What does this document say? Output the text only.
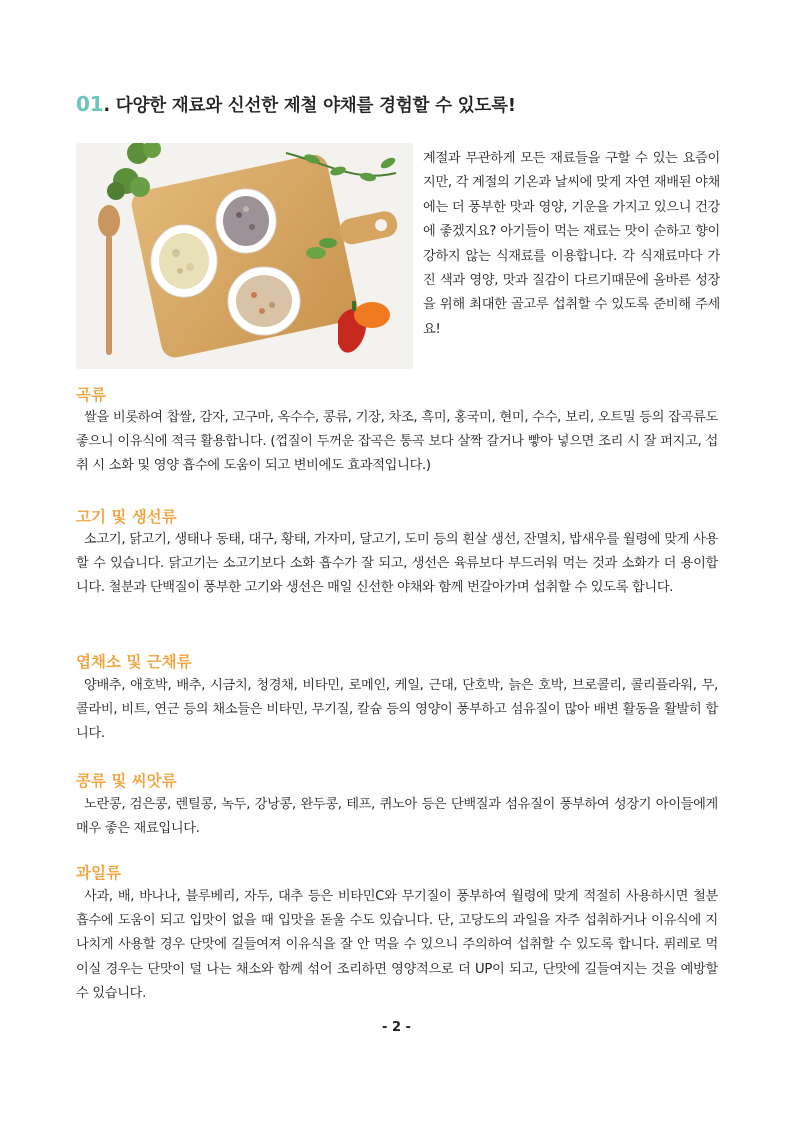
01. 다양한 재료와 신선한 제철 야채를 경험할 수 있도록!

계절과 무관하게 모든 재료들을 구할 수 있는 요즘이지만, 각 계절의 기온과 날씨에 맞게 자연 재배된 야채에는 더 풍부한 맛과 영양, 기운을 가지고 있으니 건강에 좋겠지요? 아기들이 먹는 재료는 맛이 순하고 향이 강하지 않는 식재료를 이용합니다. 각 식재료마다 가진 색과 영양, 맛과 질감이 다르기때문에 올바른 성장을 위해 최대한 골고루 섭취할 수 있도록 준비해 주세요!

곡류

쌀을 비롯하여 찹쌀, 감자, 고구마, 옥수수, 콩류, 기장, 차조, 흑미, 홍국미, 현미, 수수, 보리, 오트밀 등의 잡곡류도 좋으니 이유식에 적극 활용합니다. (껍질이 두꺼운 잡곡은 통곡 보다 살짝 갈거나 빻아 넣으면 조리 시 잘 퍼지고, 섭취 시 소화 및 영양 흡수에 도움이 되고 변비에도 효과적입니다.)

고기 및 생선류

소고기, 닭고기, 생태나 동태, 대구, 황태, 가자미, 달고기, 도미 등의 흰살 생선, 잔멸치, 밥새우를 월령에 맞게 사용할 수 있습니다. 닭고기는 소고기보다 소화 흡수가 잘 되고, 생선은 육류보다 부드러워 먹는 것과 소화가 더 용이합니다. 철분과 단백질이 풍부한 고기와 생선은 매일 신선한 야채와 함께 번갈아가며 섭취할 수 있도록 합니다.

엽채소 및 근채류

양배추, 애호박, 배추, 시금치, 청경채, 비타민, 로메인, 케일, 근대, 단호박, 늙은 호박, 브로콜리, 콜리플라워, 무, 콜라비, 비트, 연근 등의 채소들은 비타민, 무기질, 칼슘 등의 영양이 풍부하고 섬유질이 많아 배변 활동을 활발히 합니다.

콩류 및 씨앗류

노란콩, 검은콩, 렌틸콩, 녹두, 강낭콩, 완두콩, 테프, 퀴노아 등은 단백질과 섬유질이 풍부하여 성장기 아이들에게 매우 좋은 재료입니다.

과일류

사과, 배, 바나나, 블루베리, 자두, 대추 등은 비타민C와 무기질이 풍부하여 월령에 맞게 적절히 사용하시면 철분 흡수에 도움이 되고 입맛이 없을 때 입맛을 돋울 수도 있습니다. 단, 고당도의 과일을 자주 섭취하거나 이유식에 지나치게 사용할 경우 단맛에 길들여져 이유식을 잘 안 먹을 수 있으니 주의하여 섭취할 수 있도록 합니다. 퓌레로 먹이실 경우는 단맛이 덜 나는 채소와 함께 섞어 조리하면 영양적으로 더 UP이 되고, 단맛에 길들여지는 것을 예방할 수 있습니다.

- 2 -
